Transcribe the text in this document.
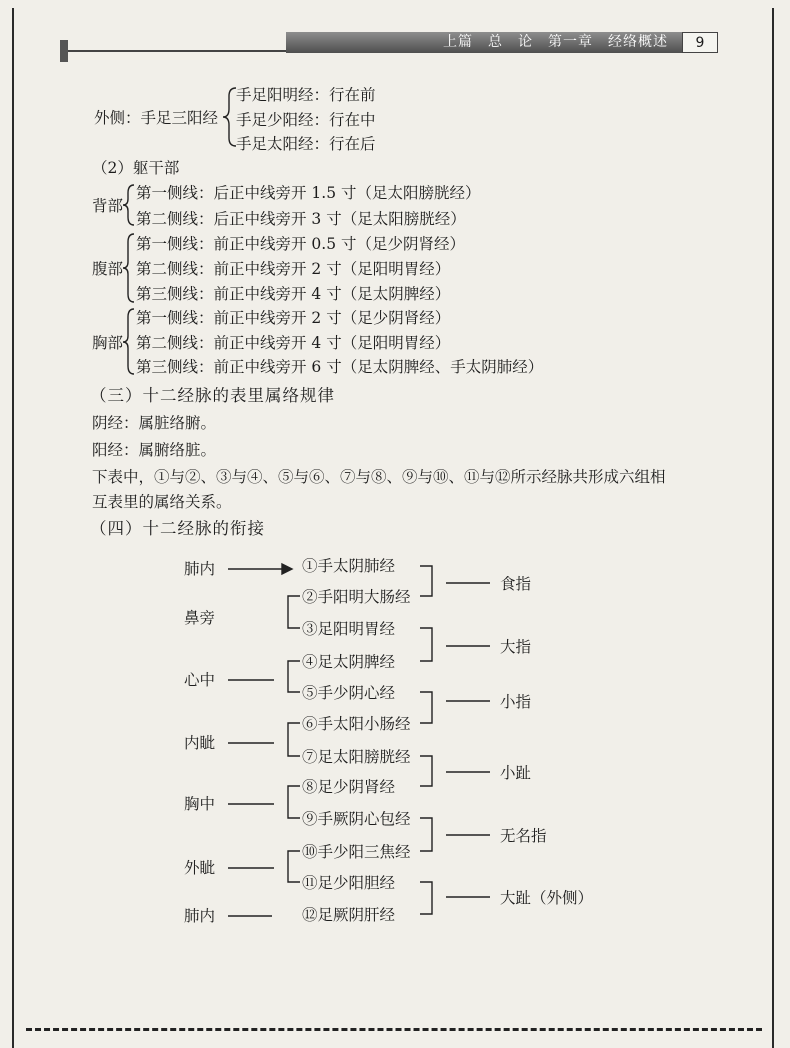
上篇　总　论　第一章　经络概述	9
外侧：手足三阳经
手足阳明经：行在前
手足少阳经：行在中
手足太阳经：行在后
（2）躯干部
背部
第一侧线：后正中线旁开 1.5 寸（足太阳膀胱经）
第二侧线：后正中线旁开 3 寸（足太阳膀胱经）
腹部
第一侧线：前正中线旁开 0.5 寸（足少阴肾经）
第二侧线：前正中线旁开 2 寸（足阳明胃经）
第三侧线：前正中线旁开 4 寸（足太阴脾经）
胸部
第一侧线：前正中线旁开 2 寸（足少阴肾经）
第二侧线：前正中线旁开 4 寸（足阳明胃经）
第三侧线：前正中线旁开 6 寸（足太阴脾经、手太阴肺经）
（三）十二经脉的表里属络规律
阴经：属脏络腑。
阳经：属腑络脏。
下表中，①与②、③与④、⑤与⑥、⑦与⑧、⑨与⑩、⑪与⑫所示经脉共形成六组相
互表里的属络关系。
（四）十二经脉的衔接
肺内
鼻旁
心中
内眦
胸中
外眦
肺内
①手太阴肺经
②手阳明大肠经
③足阳明胃经
④足太阴脾经
⑤手少阴心经
⑥手太阳小肠经
⑦足太阳膀胱经
⑧足少阴肾经
⑨手厥阴心包经
⑩手少阳三焦经
⑪足少阳胆经
⑫足厥阴肝经
食指
大指
小指
小趾
无名指
大趾（外侧）
